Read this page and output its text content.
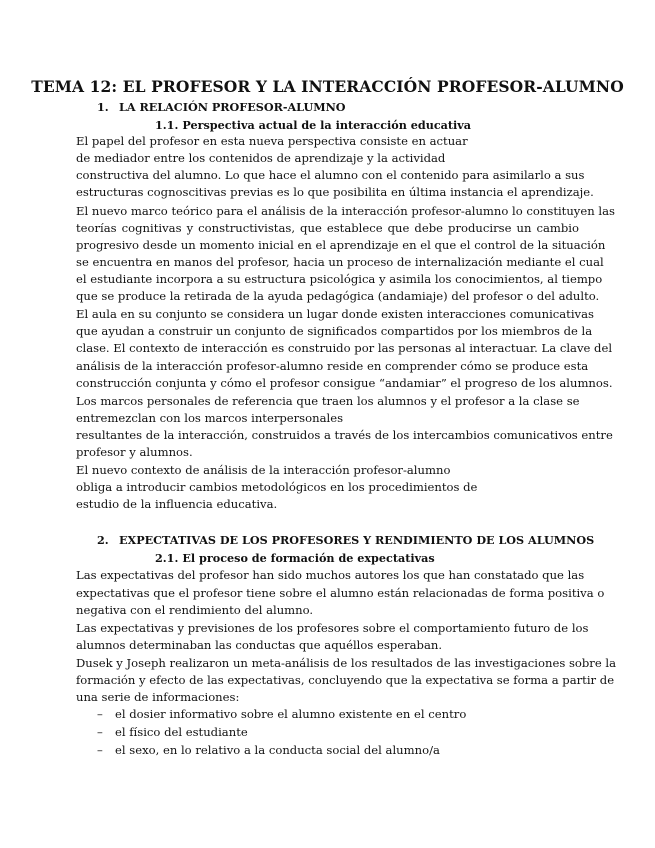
TEMA 12: EL PROFESOR Y LA INTERACCIÓN PROFESOR-ALUMNO
1. LA RELACIÓN PROFESOR-ALUMNO
1.1. Perspectiva actual de la interacción educativa
El papel del profesor en esta nueva perspectiva consiste en actuar
de mediador entre los contenidos de aprendizaje y la actividad
constructiva del alumno. Lo que hace el alumno con el contenido para asimilarlo a sus
estructuras cognoscitivas previas es lo que posibilita en última instancia el aprendizaje.
El nuevo marco teórico para el análisis de la interacción profesor-alumno lo constituyen las
teorías cognitivas y constructivistas, que establece que debe producirse un cambio
progresivo desde un momento inicial en el aprendizaje en el que el control de la situación
se encuentra en manos del profesor, hacia un proceso de internalización mediante el cual
el estudiante incorpora a su estructura psicológica y asimila los conocimientos, al tiempo
que se produce la retirada de la ayuda pedagógica (andamiaje) del profesor o del adulto.
El aula en su conjunto se considera un lugar donde existen interacciones comunicativas
que ayudan a construir un conjunto de significados compartidos por los miembros de la
clase. El contexto de interacción es construido por las personas al interactuar. La clave del
análisis de la interacción profesor-alumno reside en comprender cómo se produce esta
construcción conjunta y cómo el profesor consigue “andamiar” el progreso de los alumnos.
Los marcos personales de referencia que traen los alumnos y el profesor a la clase se
entremezclan con los marcos interpersonales
resultantes de la interacción, construidos a través de los intercambios comunicativos entre
profesor y alumnos.
El nuevo contexto de análisis de la interacción profesor-alumno
obliga a introducir cambios metodológicos en los procedimientos de
estudio de la influencia educativa.
2. EXPECTATIVAS DE LOS PROFESORES Y RENDIMIENTO DE LOS ALUMNOS
2.1. El proceso de formación de expectativas
Las expectativas del profesor han sido muchos autores los que han constatado que las
expectativas que el profesor tiene sobre el alumno están relacionadas de forma positiva o
negativa con el rendimiento del alumno.
Las expectativas y previsiones de los profesores sobre el comportamiento futuro de los
alumnos determinaban las conductas que aquéllos esperaban.
Dusek y Joseph realizaron un meta-análisis de los resultados de las investigaciones sobre la
formación y efecto de las expectativas, concluyendo que la expectativa se forma a partir de
una serie de informaciones:
– el dosier informativo sobre el alumno existente en el centro
– el físico del estudiante
– el sexo, en lo relativo a la conducta social del alumno/a
